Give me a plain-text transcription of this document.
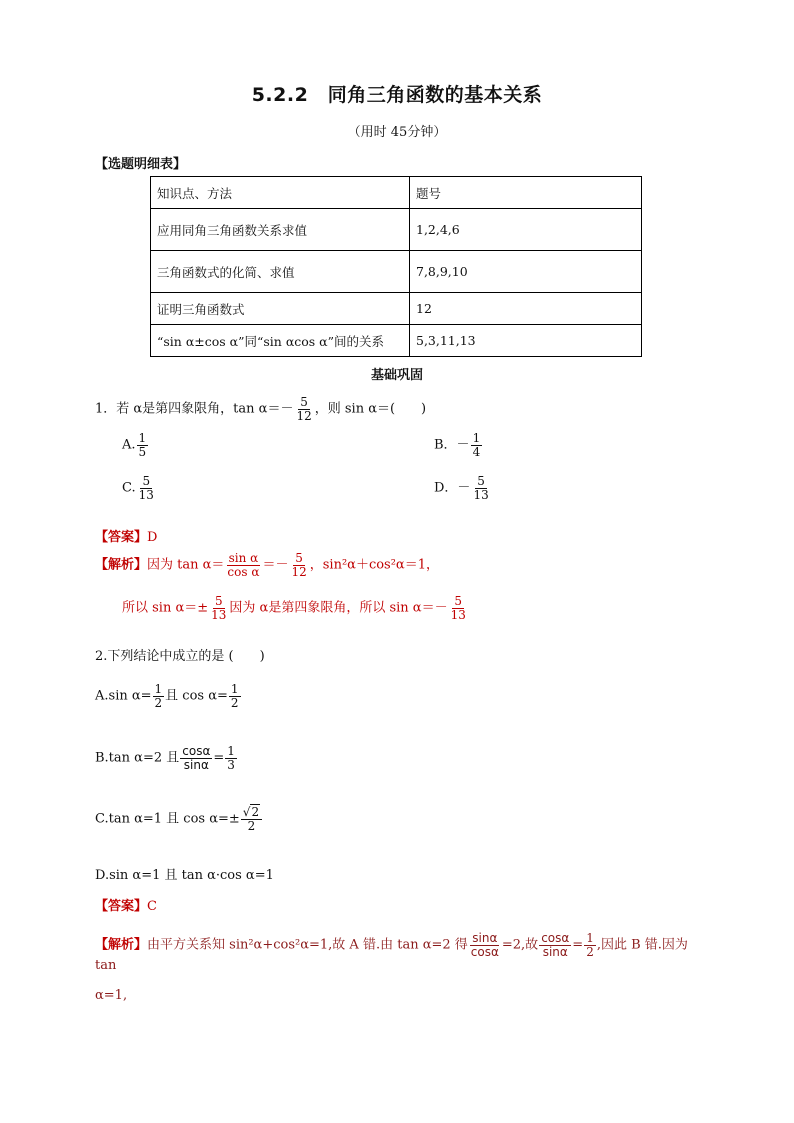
5.2.2　同角三角函数的基本关系
（用时 45分钟）
【选题明细表】
知识点、方法	题号
应用同角三角函数关系求值	1,2,4,6
三角函数式的化简、求值	7,8,9,10
证明三角函数式	12
“sin α±cos α”同“sin αcos α”间的关系	5,3,11,13
基础巩固
1．若 α是第四象限角，$\tan \alpha=- \frac{5}{12}$ ，则 sin α＝(　　)
A. $\frac{1}{5}$	B．－ $\frac{1}{4}$
C. $\frac{5}{13}$	D．－ $\frac{5}{13}$
【答案】D
【解析】因为 $\tan \alpha= \frac{\text{sin α}}{\text{cos α}} =- \frac{5}{12}$ ，sin²α＋cos²α＝1，
所以 $\sin \alpha=\pm \frac{5}{13}$ 因为 α是第四象限角，所以 $\sin \alpha=- \frac{5}{13}$
2.下列结论中成立的是 (　　)
A.sin $\alpha= \frac{1}{2}$ 且 $\cos \alpha= \frac{1}{2}$
B.tan α=2 且 $\frac{\cos\alpha}{\sin\alpha} = \frac{1}{3}$
C.tan α=1 且 $\cos \alpha=\pm \frac{√2}{2}$
D.sin α=1 且 tan α·cos α=1
【答案】C
【解析】由平方关系知 sin²α+cos²α=1,故 A 错.由 tan α=2 得 $\frac{\sin\alpha}{\cos\alpha} =2$,故 $\frac{\cos\alpha}{\sin\alpha} = \frac{1}{2}$ ,因此 B 错.因为 tan
α=1,
